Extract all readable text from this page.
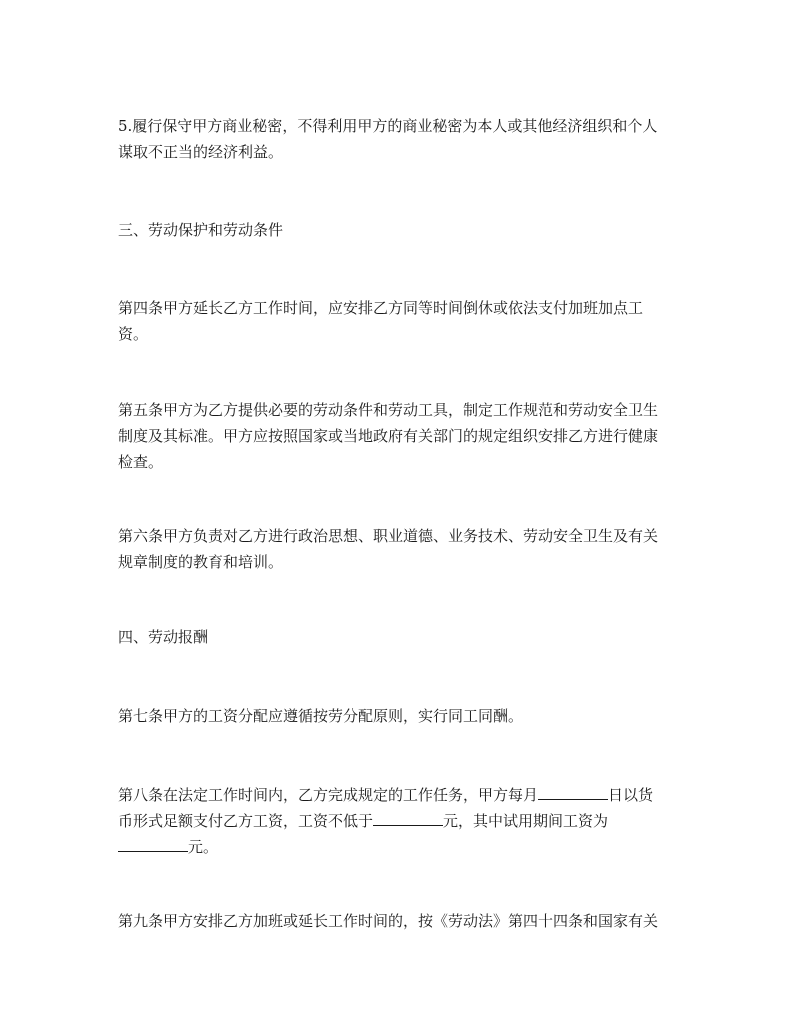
5.履行保守甲方商业秘密，不得利用甲方的商业秘密为本人或其他经济组织和个人
谋取不正当的经济利益。

三、劳动保护和劳动条件

第四条甲方延长乙方工作时间，应安排乙方同等时间倒休或依法支付加班加点工
资。

第五条甲方为乙方提供必要的劳动条件和劳动工具，制定工作规范和劳动安全卫生
制度及其标准。甲方应按照国家或当地政府有关部门的规定组织安排乙方进行健康
检查。

第六条甲方负责对乙方进行政治思想、职业道德、业务技术、劳动安全卫生及有关
规章制度的教育和培训。

四、劳动报酬

第七条甲方的工资分配应遵循按劳分配原则，实行同工同酬。

第八条在法定工作时间内，乙方完成规定的工作任务，甲方每月	日以货
币形式足额支付乙方工资，工资不低于	元，其中试用期间工资为
元。

第九条甲方安排乙方加班或延长工作时间的，按《劳动法》第四十四条和国家有关
